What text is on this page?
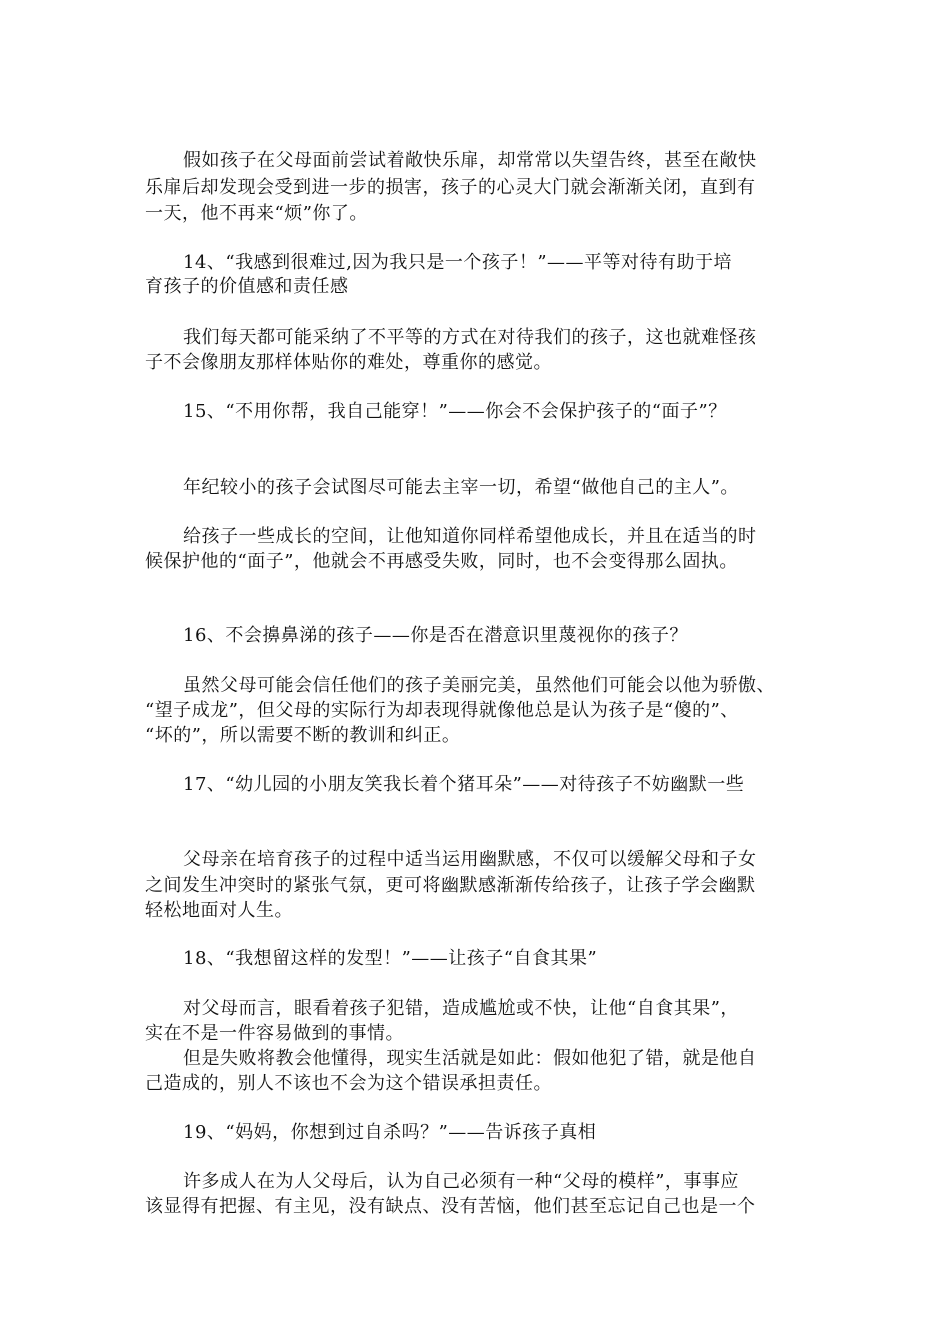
假如孩子在父母面前尝试着敞快乐扉，却常常以失望告终，甚至在敞快
乐扉后却发现会受到进一步的损害，孩子的心灵大门就会渐渐关闭，直到有
一天，他不再来“烦”你了。
14、“我感到很难过,因为我只是一个孩子！”——平等对待有助于培
育孩子的价值感和责任感
我们每天都可能采纳了不平等的方式在对待我们的孩子，这也就难怪孩
子不会像朋友那样体贴你的难处，尊重你的感觉。
15、“不用你帮，我自己能穿！”——你会不会保护孩子的“面子”？
年纪较小的孩子会试图尽可能去主宰一切，希望“做他自己的主人”。
给孩子一些成长的空间，让他知道你同样希望他成长，并且在适当的时
候保护他的“面子”，他就会不再感受失败，同时，也不会变得那么固执。
16、不会擤鼻涕的孩子——你是否在潜意识里蔑视你的孩子？
虽然父母可能会信任他们的孩子美丽完美，虽然他们可能会以他为骄傲、
“望子成龙”，但父母的实际行为却表现得就像他总是认为孩子是“傻的”、
“坏的”，所以需要不断的教训和纠正。
17、“幼儿园的小朋友笑我长着个猪耳朵”——对待孩子不妨幽默一些
父母亲在培育孩子的过程中适当运用幽默感，不仅可以缓解父母和子女
之间发生冲突时的紧张气氛，更可将幽默感渐渐传给孩子，让孩子学会幽默
轻松地面对人生。
18、“我想留这样的发型！”——让孩子“自食其果”
对父母而言，眼看着孩子犯错，造成尴尬或不快，让他“自食其果”，
实在不是一件容易做到的事情。
但是失败将教会他懂得，现实生活就是如此：假如他犯了错，就是他自
己造成的，别人不该也不会为这个错误承担责任。
19、“妈妈，你想到过自杀吗？”——告诉孩子真相
许多成人在为人父母后，认为自己必须有一种“父母的模样”，事事应
该显得有把握、有主见，没有缺点、没有苦恼，他们甚至忘记自己也是一个
